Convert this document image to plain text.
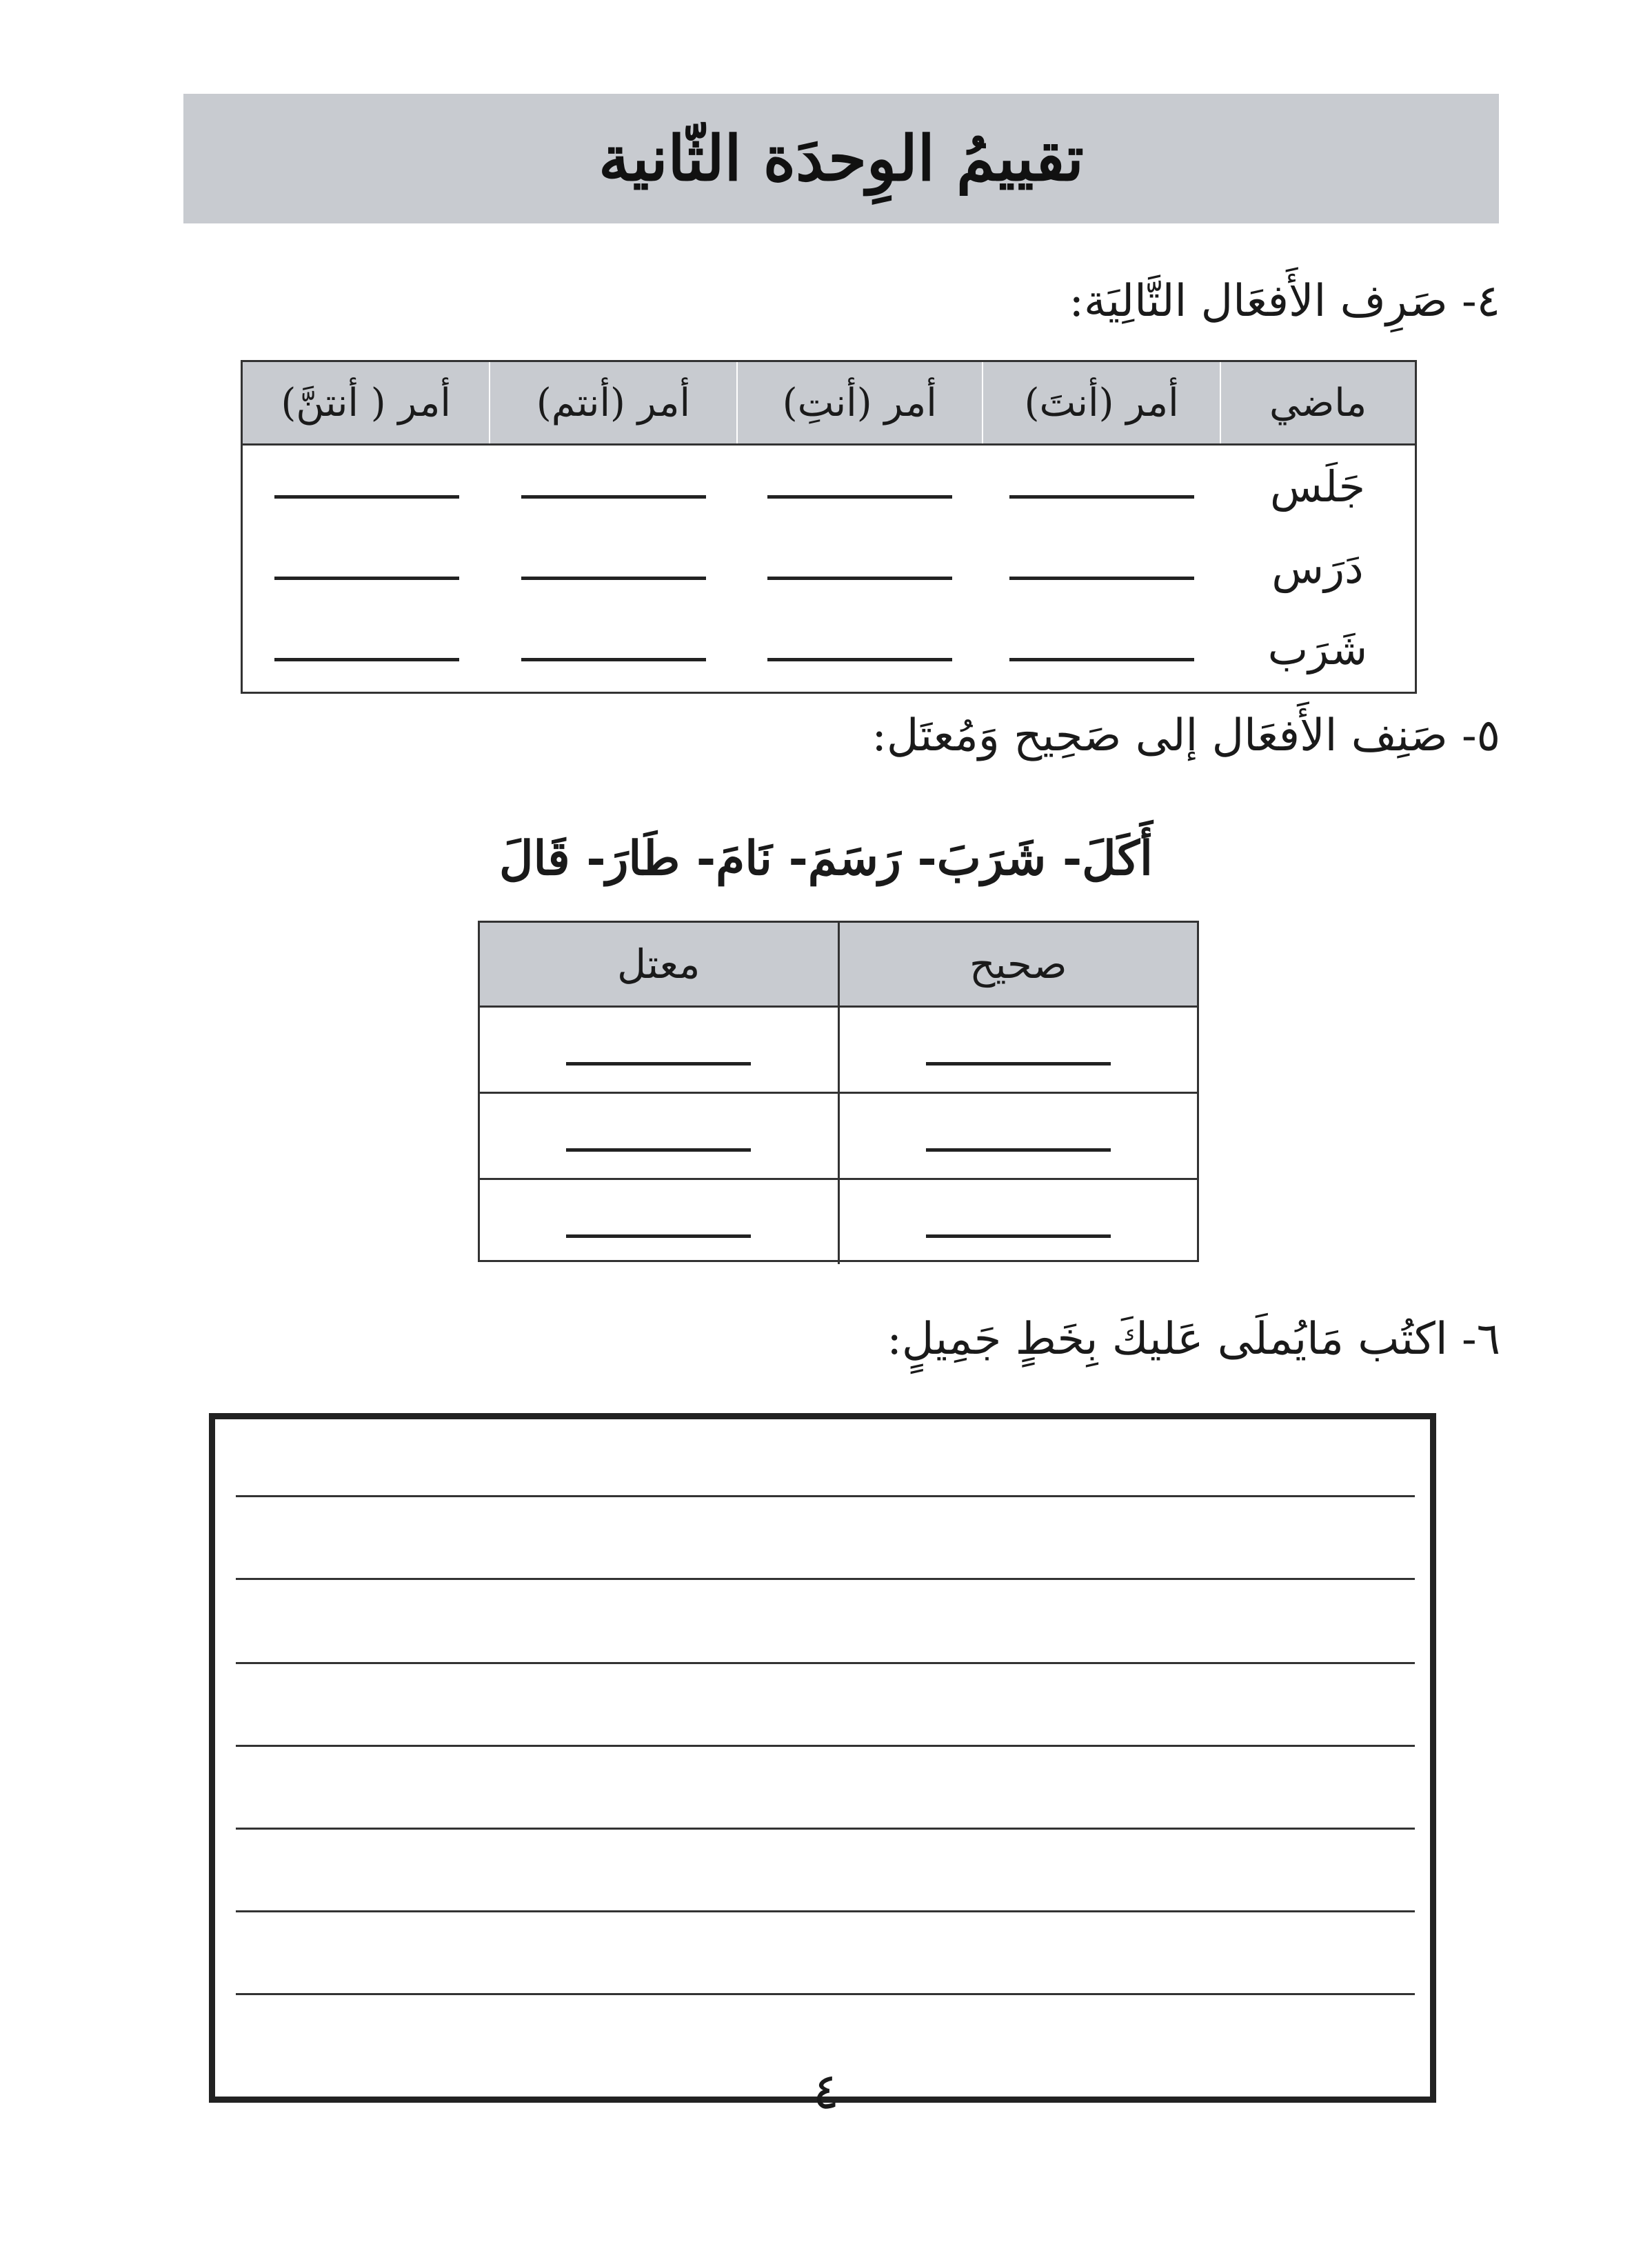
تقييمُ الوِحدَة الثّانية
٤- صَرِف الأَفعَال التَّالِيَة:
ماضي
أمر (أنتَ)
أمر (أنتِ)
أمر (أنتم)
أمر ( أنتنَّ)
جَلَس
دَرَس
شَرَب
٥- صَنِف الأَفعَال إلى صَحِيح وَمُعتَل:
أَكَلَ- شَرَبَ- رَسَمَ- نَامَ- طَارَ- قَالَ
صحيح
معتل
٦- اكتُب مَايُملَى عَليكَ بِخَطٍ جَمِيلٍ:
٤
